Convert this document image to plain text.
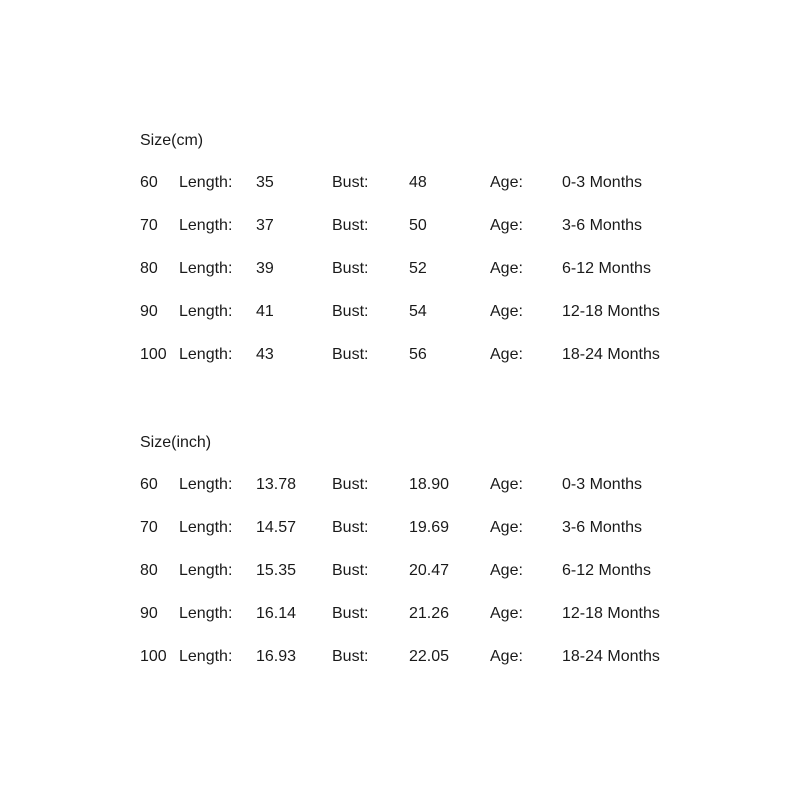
Size(cm)
60 Length: 35	Bust:	48	Age: 0-3 Months
70 Length: 37	Bust:	50	Age: 3-6 Months
80 Length: 39	Bust:	52	Age: 6-12 Months
90 Length: 41	Bust:	54	Age: 12-18 Months
100 Length: 43	Bust:	56	Age: 18-24 Months
Size(inch)
60 Length: 13.78 Bust:	18.90	Age: 0-3 Months
70 Length: 14.57 Bust:	19.69	Age: 3-6 Months
80 Length: 15.35 Bust:	20.47	Age: 6-12 Months
90 Length: 16.14 Bust:	21.26	Age: 12-18 Months
100 Length: 16.93 Bust:	22.05	Age: 18-24 Months
